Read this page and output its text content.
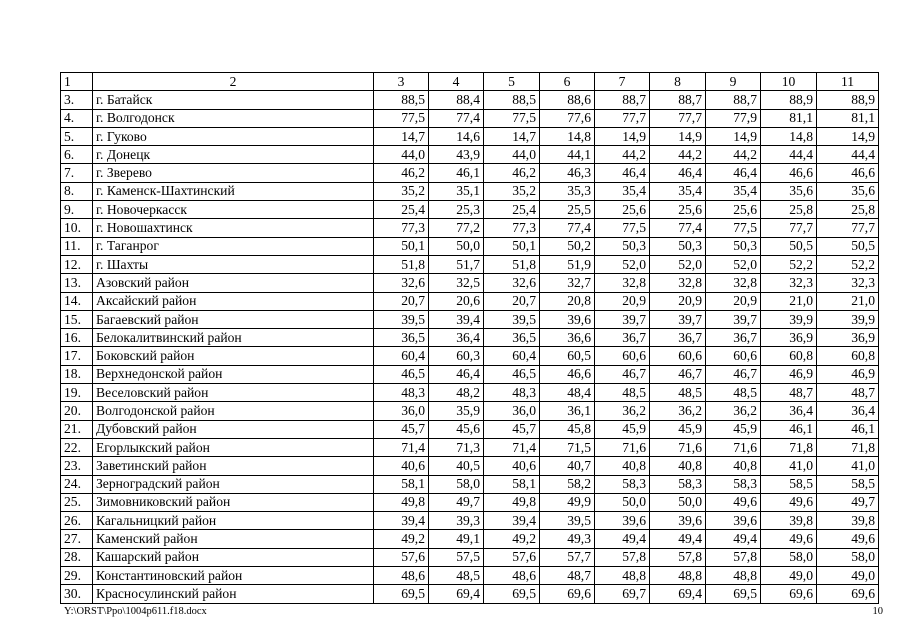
1	2	3	4	5	6	7	8	9	10	11
3.	г. Батайск	88,5	88,4	88,5	88,6	88,7	88,7	88,7	88,9	88,9
4.	г. Волгодонск	77,5	77,4	77,5	77,6	77,7	77,7	77,9	81,1	81,1
5.	г. Гуково	14,7	14,6	14,7	14,8	14,9	14,9	14,9	14,8	14,9
6.	г. Донецк	44,0	43,9	44,0	44,1	44,2	44,2	44,2	44,4	44,4
7.	г. Зверево	46,2	46,1	46,2	46,3	46,4	46,4	46,4	46,6	46,6
8.	г. Каменск-Шахтинский	35,2	35,1	35,2	35,3	35,4	35,4	35,4	35,6	35,6
9.	г. Новочеркасск	25,4	25,3	25,4	25,5	25,6	25,6	25,6	25,8	25,8
10.	г. Новошахтинск	77,3	77,2	77,3	77,4	77,5	77,4	77,5	77,7	77,7
11.	г. Таганрог	50,1	50,0	50,1	50,2	50,3	50,3	50,3	50,5	50,5
12.	г. Шахты	51,8	51,7	51,8	51,9	52,0	52,0	52,0	52,2	52,2
13.	Азовский район	32,6	32,5	32,6	32,7	32,8	32,8	32,8	32,3	32,3
14.	Аксайский район	20,7	20,6	20,7	20,8	20,9	20,9	20,9	21,0	21,0
15.	Багаевский район	39,5	39,4	39,5	39,6	39,7	39,7	39,7	39,9	39,9
16.	Белокалитвинский район	36,5	36,4	36,5	36,6	36,7	36,7	36,7	36,9	36,9
17.	Боковский район	60,4	60,3	60,4	60,5	60,6	60,6	60,6	60,8	60,8
18.	Верхнедонской район	46,5	46,4	46,5	46,6	46,7	46,7	46,7	46,9	46,9
19.	Веселовский район	48,3	48,2	48,3	48,4	48,5	48,5	48,5	48,7	48,7
20.	Волгодонской район	36,0	35,9	36,0	36,1	36,2	36,2	36,2	36,4	36,4
21.	Дубовский район	45,7	45,6	45,7	45,8	45,9	45,9	45,9	46,1	46,1
22.	Егорлыкский район	71,4	71,3	71,4	71,5	71,6	71,6	71,6	71,8	71,8
23.	Заветинский район	40,6	40,5	40,6	40,7	40,8	40,8	40,8	41,0	41,0
24.	Зерноградский район	58,1	58,0	58,1	58,2	58,3	58,3	58,3	58,5	58,5
25.	Зимовниковский район	49,8	49,7	49,8	49,9	50,0	50,0	49,6	49,6	49,7
26.	Кагальницкий район	39,4	39,3	39,4	39,5	39,6	39,6	39,6	39,8	39,8
27.	Каменский район	49,2	49,1	49,2	49,3	49,4	49,4	49,4	49,6	49,6
28.	Кашарский район	57,6	57,5	57,6	57,7	57,8	57,8	57,8	58,0	58,0
29.	Константиновский район	48,6	48,5	48,6	48,7	48,8	48,8	48,8	49,0	49,0
30.	Красносулинский район	69,5	69,4	69,5	69,6	69,7	69,4	69,5	69,6	69,6
Y:\ORST\Ppo\1004p611.f18.docx	10
